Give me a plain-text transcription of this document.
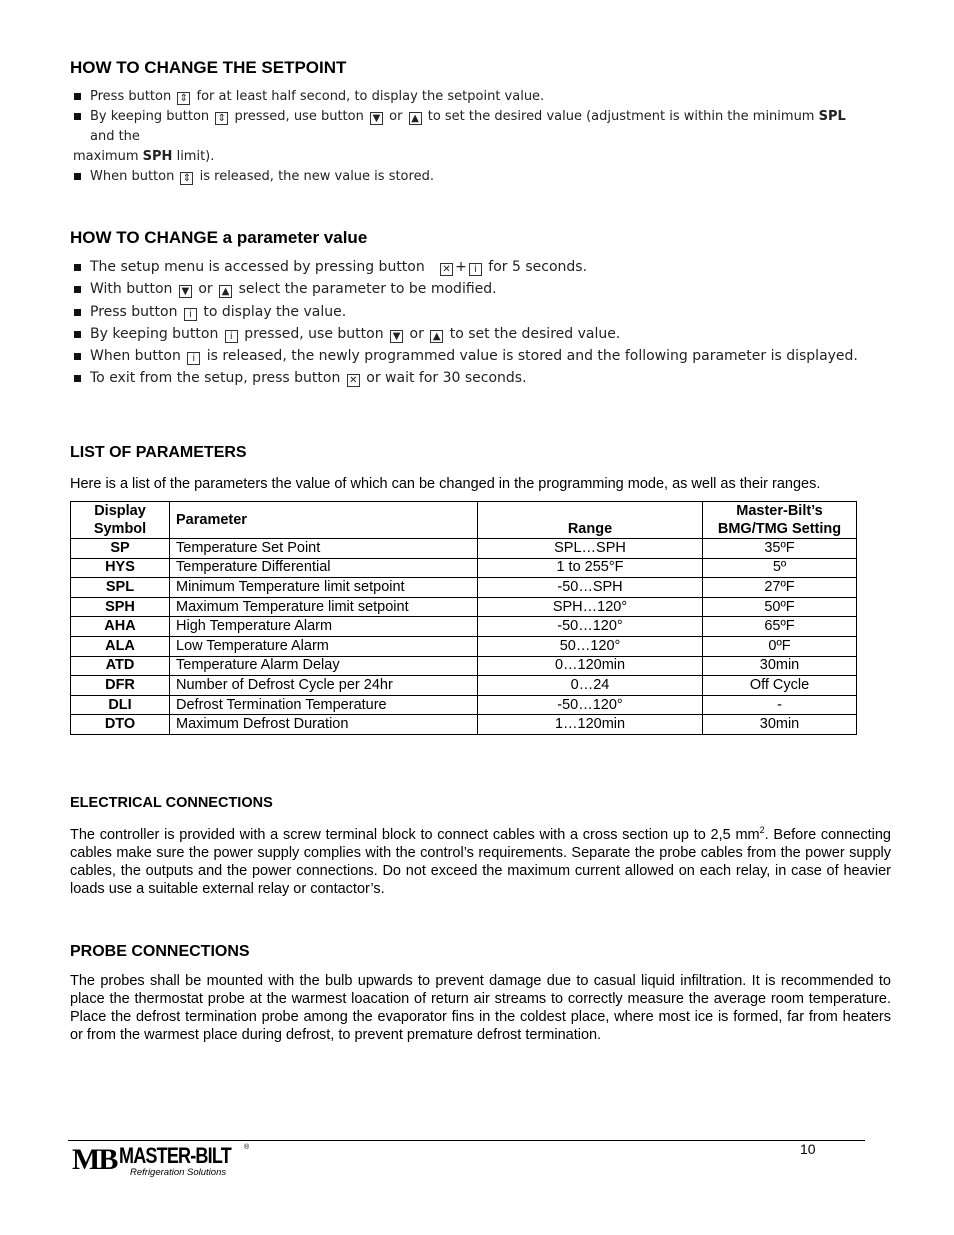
HOW TO CHANGE THE SETPOINT
Press button ⇕ for at least half second, to display the setpoint value.
By keeping button ⇕ pressed, use button ▼ or ▲ to set the desired value (adjustment is within the minimum SPL and the
maximum SPH limit).
When button ⇕ is released, the new value is stored.
HOW TO CHANGE a parameter value
The setup menu is accessed by pressing button ✕ + i for 5 seconds.
With button ▼ or ▲ select the parameter to be modified.
Press button i to display the value.
By keeping button i pressed, use button ▼ or ▲ to set the desired value.
When button i is released, the newly programmed value is stored and the following parameter is displayed.
To exit from the setup, press button ✕ or wait for 30 seconds.
LIST OF PARAMETERS

Here is a list of the parameters the value of which can be changed in the programming mode, as well as their ranges.

Display Symbol	Parameter	Range	Master-Bilt’s BMG/TMG Setting
SP	Temperature Set Point	SPL…SPH	35ºF
HYS	Temperature Differential	1 to 255°F	5º
SPL	Minimum Temperature limit setpoint	-50…SPH	27ºF
SPH	Maximum Temperature limit setpoint	SPH…120°	50ºF
AHA	High Temperature Alarm	-50…120°	65ºF
ALA	Low Temperature Alarm	50…120°	0ºF
ATD	Temperature Alarm Delay	0…120min	30min
DFR	Number of Defrost Cycle per 24hr	0…24	Off Cycle
DLI	Defrost Termination Temperature	-50…120°	-
DTO	Maximum Defrost Duration	1…120min	30min
ELECTRICAL CONNECTIONS

The controller is provided with a screw terminal block to connect cables with a cross section up to 2,5 $mm^2$. Before connecting cables make sure the power supply complies with the control’s requirements. Separate the probe cables from the power supply cables, the outputs and the power connections. Do not exceed the maximum current allowed on each relay, in case of heavier loads use a suitable external relay or contactor’s.

PROBE CONNECTIONS

The probes shall be mounted with the bulb upwards to prevent damage due to casual liquid infiltration. It is recommended to place the thermostat probe at the warmest loacation of return air streams to correctly measure the average room temperature. Place the defrost termination probe among the evaporator fins in the coldest place, where most ice is formed, far from heaters or from the warmest place during defrost, to prevent premature defrost termination.

10
MB MASTER-BILT ®
Refrigeration Solutions
